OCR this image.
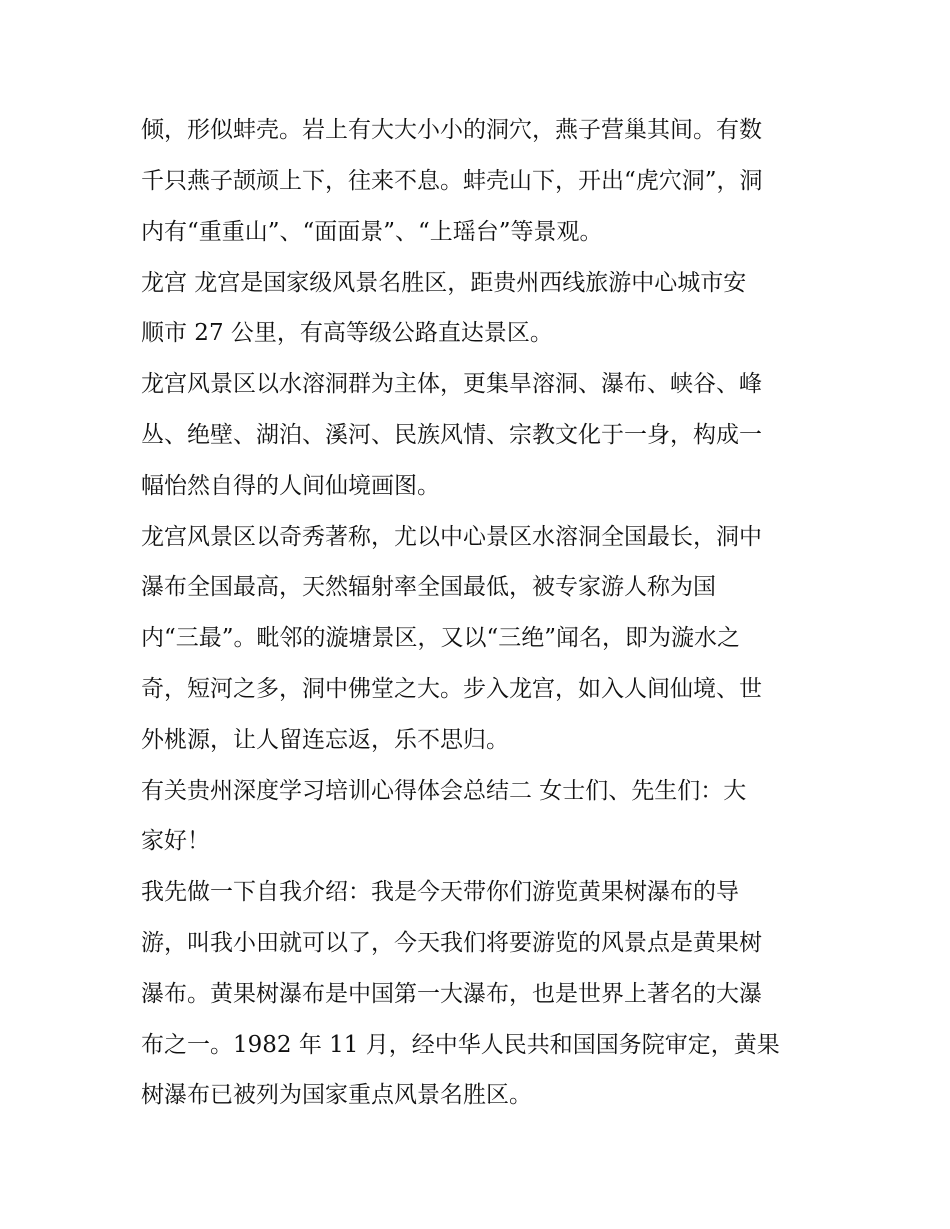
倾，形似蚌壳。岩上有大大小小的洞穴，燕子营巢其间。有数
千只燕子颉颃上下，往来不息。蚌壳山下，开出“虎穴洞”，洞
内有“重重山”、“面面景”、“上瑶台”等景观。
龙宫 龙宫是国家级风景名胜区，距贵州西线旅游中心城市安
顺市 27 公里，有高等级公路直达景区。
龙宫风景区以水溶洞群为主体，更集旱溶洞、瀑布、峡谷、峰
丛、绝壁、湖泊、溪河、民族风情、宗教文化于一身，构成一
幅怡然自得的人间仙境画图。
龙宫风景区以奇秀著称，尤以中心景区水溶洞全国最长，洞中
瀑布全国最高，天然辐射率全国最低，被专家游人称为国
内“三最”。毗邻的漩塘景区，又以“三绝”闻名，即为漩水之
奇，短河之多，洞中佛堂之大。步入龙宫，如入人间仙境、世
外桃源，让人留连忘返，乐不思归。
有关贵州深度学习培训心得体会总结二 女士们、先生们：大
家好！
我先做一下自我介绍：我是今天带你们游览黄果树瀑布的导
游，叫我小田就可以了，今天我们将要游览的风景点是黄果树
瀑布。黄果树瀑布是中国第一大瀑布，也是世界上著名的大瀑
布之一。1982 年 11 月，经中华人民共和国国务院审定，黄果
树瀑布已被列为国家重点风景名胜区。
